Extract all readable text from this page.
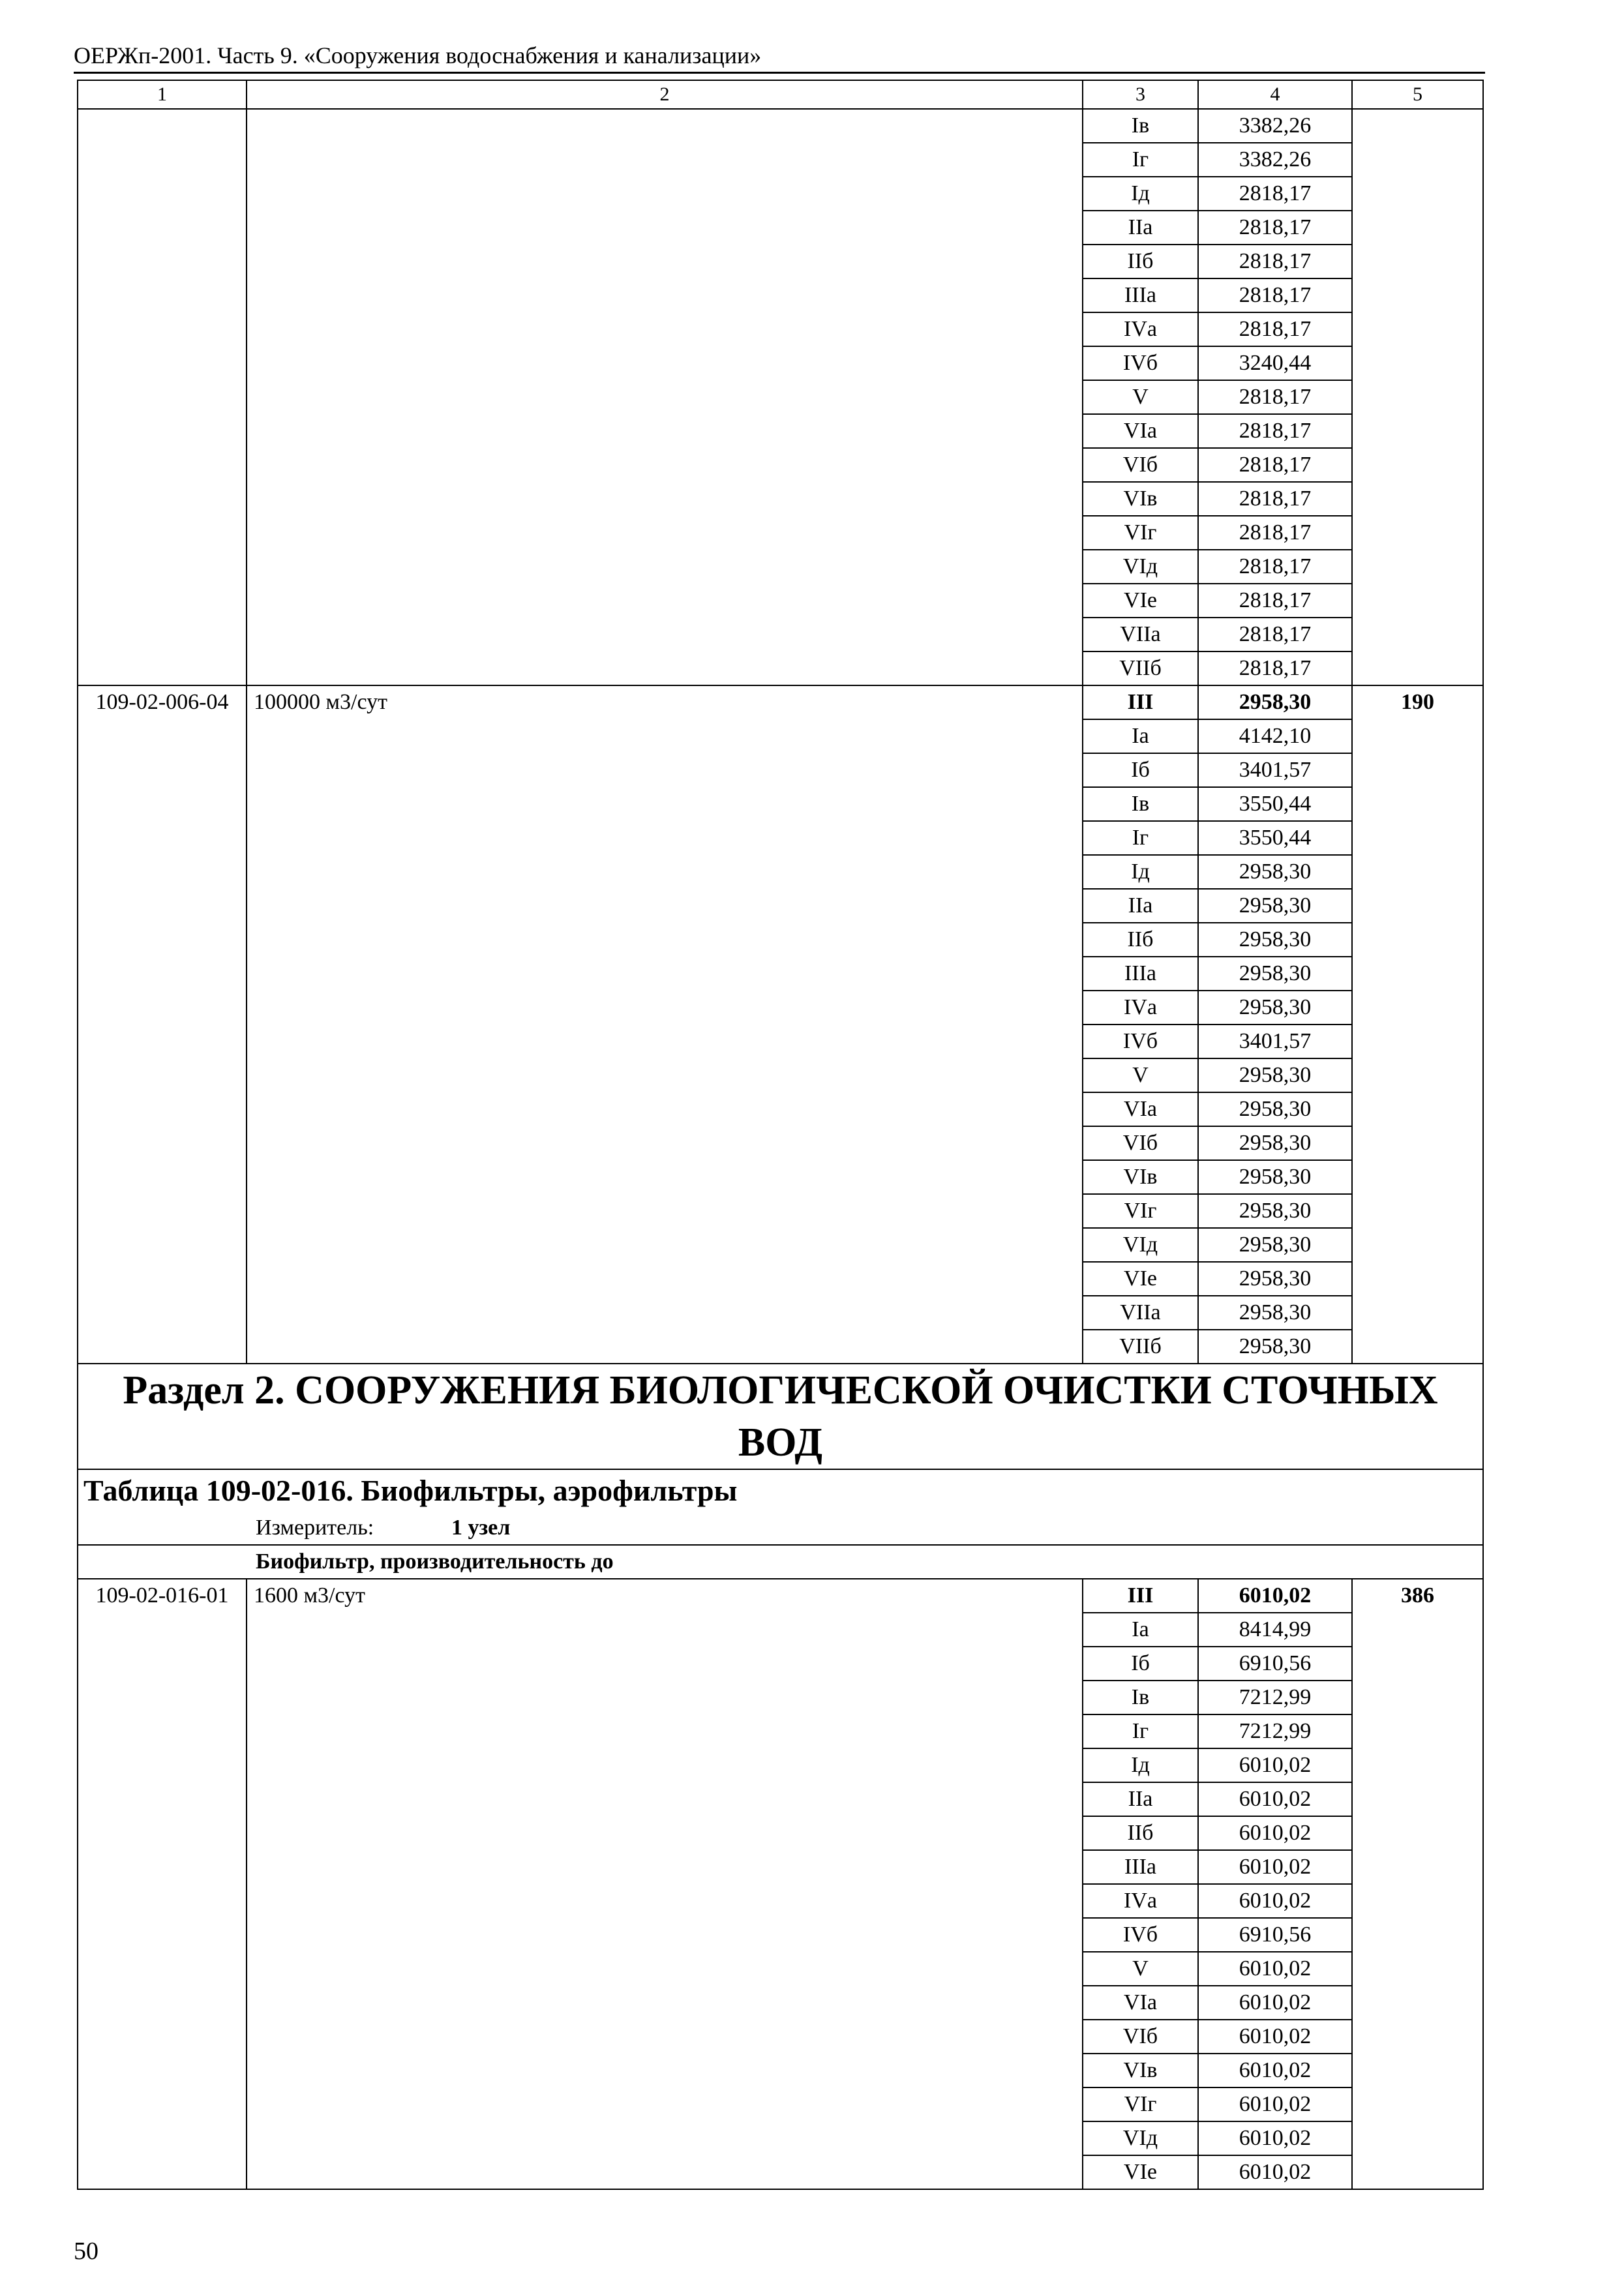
ОЕРЖп-2001. Часть 9. «Сооружения водоснабжения и канализации»
1	2	3	4	5
		Iв	3382,26	
		Iг	3382,26	
		Iд	2818,17	
		IIа	2818,17	
		IIб	2818,17	
		IIIа	2818,17	
		IVа	2818,17	
		IVб	3240,44	
		V	2818,17	
		VIа	2818,17	
		VIб	2818,17	
		VIв	2818,17	
		VIг	2818,17	
		VIд	2818,17	
		VIе	2818,17	
		VIIа	2818,17	
		VIIб	2818,17	
109-02-006-04	100000 м3/сут	III	2958,30	190
		Iа	4142,10	
		Iб	3401,57	
		Iв	3550,44	
		Iг	3550,44	
		Iд	2958,30	
		IIа	2958,30	
		IIб	2958,30	
		IIIа	2958,30	
		IVа	2958,30	
		IVб	3401,57	
		V	2958,30	
		VIа	2958,30	
		VIб	2958,30	
		VIв	2958,30	
		VIг	2958,30	
		VIд	2958,30	
		VIе	2958,30	
		VIIа	2958,30	
		VIIб	2958,30	
Раздел 2. СООРУЖЕНИЯ БИОЛОГИЧЕСКОЙ ОЧИСТКИ СТОЧНЫХ ВОД				
Таблица 109-02-016. Биофильтры, аэрофильтры				
Измеритель: 1 узел				
Биофильтр, производительность до				
109-02-016-01	1600 м3/сут	III	6010,02	386
		Iа	8414,99	
		Iб	6910,56	
		Iв	7212,99	
		Iг	7212,99	
		Iд	6010,02	
		IIа	6010,02	
		IIб	6010,02	
		IIIа	6010,02	
		IVа	6010,02	
		IVб	6910,56	
		V	6010,02	
		VIа	6010,02	
		VIб	6010,02	
		VIв	6010,02	
		VIг	6010,02	
		VIд	6010,02	
		VIе	6010,02	
50
